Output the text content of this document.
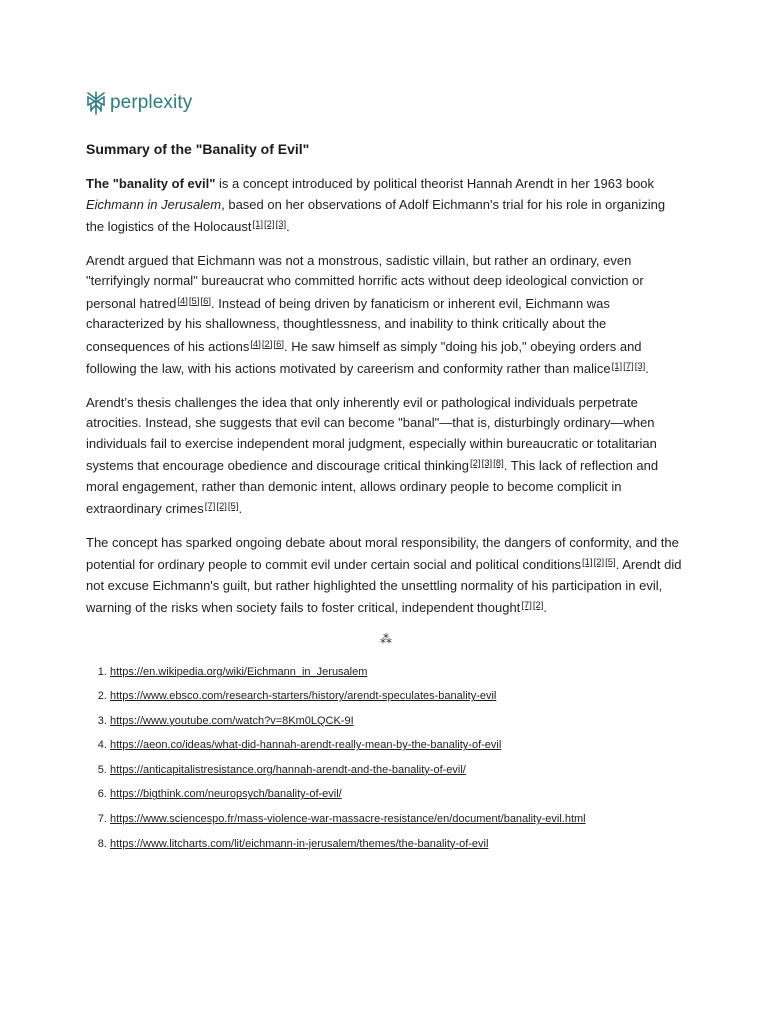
perplexity
Summary of the "Banality of Evil"

The "banality of evil" is a concept introduced by political theorist Hannah Arendt in her 1963 book Eichmann in Jerusalem, based on her observations of Adolf Eichmann's trial for his role in organizing the logistics of the Holocaust[1][2][3].

Arendt argued that Eichmann was not a monstrous, sadistic villain, but rather an ordinary, even "terrifyingly normal" bureaucrat who committed horrific acts without deep ideological conviction or personal hatred[4][5][6]. Instead of being driven by fanaticism or inherent evil, Eichmann was characterized by his shallowness, thoughtlessness, and inability to think critically about the consequences of his actions[4][2][6]. He saw himself as simply "doing his job," obeying orders and following the law, with his actions motivated by careerism and conformity rather than malice[1][7][3].

Arendt’s thesis challenges the idea that only inherently evil or pathological individuals perpetrate atrocities. Instead, she suggests that evil can become "banal"—that is, disturbingly ordinary—when individuals fail to exercise independent moral judgment, especially within bureaucratic or totalitarian systems that encourage obedience and discourage critical thinking[2][3][8]. This lack of reflection and moral engagement, rather than demonic intent, allows ordinary people to become complicit in extraordinary crimes[7][2][5].

The concept has sparked ongoing debate about moral responsibility, the dangers of conformity, and the potential for ordinary people to commit evil under certain social and political conditions[1][2][5]. Arendt did not excuse Eichmann's guilt, but rather highlighted the unsettling normality of his participation in evil, warning of the risks when society fails to foster critical, independent thought[7][2].

⁂
1. https://en.wikipedia.org/wiki/Eichmann_in_Jerusalem
2. https://www.ebsco.com/research-starters/history/arendt-speculates-banality-evil
3. https://www.youtube.com/watch?v=8Km0LQCK-9I
4. https://aeon.co/ideas/what-did-hannah-arendt-really-mean-by-the-banality-of-evil
5. https://anticapitalistresistance.org/hannah-arendt-and-the-banality-of-evil/
6. https://bigthink.com/neuropsych/banality-of-evil/
7. https://www.sciencespo.fr/mass-violence-war-massacre-resistance/en/document/banality-evil.html
8. https://www.litcharts.com/lit/eichmann-in-jerusalem/themes/the-banality-of-evil
